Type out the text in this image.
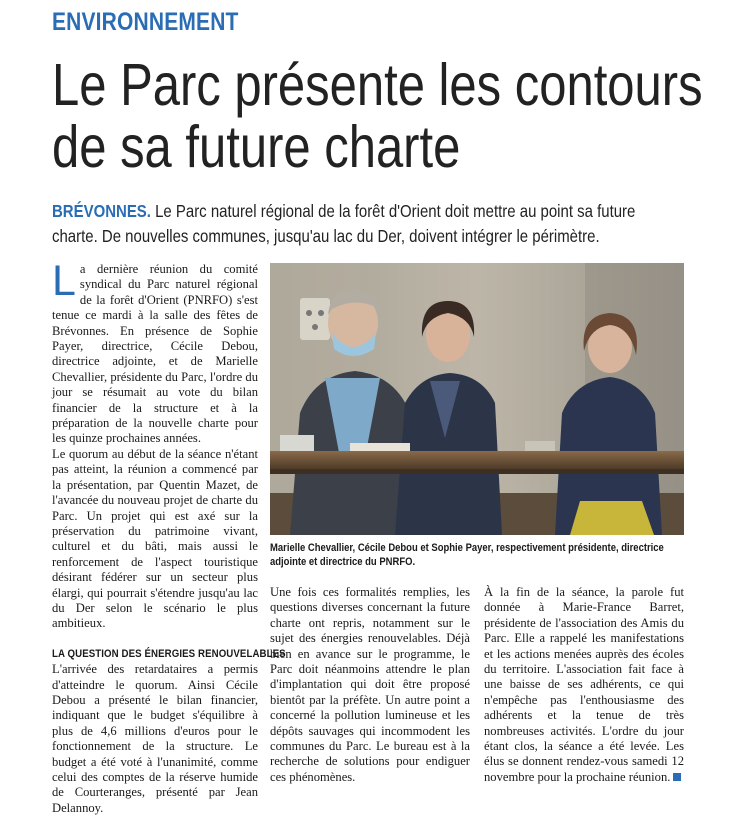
ENVIRONNEMENT
Le Parc présente les contours
de sa future charte
BRÉVONNES. Le Parc naturel régional de la forêt d'Orient doit mettre au point sa future charte. De nouvelles communes, jusqu'au lac du Der, doivent intégrer le périmètre.

La dernière réunion du comité syndical du Parc naturel régional de la forêt d'Orient (PNRFO) s'est tenue ce mardi à la salle des fêtes de Brévonnes. En présence de Sophie Payer, directrice, Cécile Debou, directrice adjointe, et de Marielle Chevallier, présidente du Parc, l'ordre du jour se résumait au vote du bilan financier de la structure et à la préparation de la nouvelle charte pour les quinze prochaines années.

Le quorum au début de la séance n'étant pas atteint, la réunion a commencé par la présentation, par Quentin Mazet, de l'avancée du nouveau projet de charte du Parc. Un projet qui est axé sur la préservation du patrimoine vivant, culturel et du bâti, mais aussi le renforcement de l'aspect touristique désirant fédérer sur un secteur plus élargi, qui pourrait s'étendre jusqu'au lac du Der selon le scénario le plus ambitieux.

LA QUESTION DES ÉNERGIES RENOUVELABLES

L'arrivée des retardataires a permis d'atteindre le quorum. Ainsi Cécile Debou a présenté le bilan financier, indiquant que le budget s'équilibre à plus de 4,6 millions d'euros pour le fonctionnement de la structure. Le budget a été voté à l'unanimité, comme celui des comptes de la réserve humide de Courteranges, présenté par Jean Delannoy.

Marielle Chevallier, Cécile Debou et Sophie Payer, respectivement présidente, directrice adjointe et directrice du PNRFO.

Une fois ces formalités remplies, les questions diverses concernant la future charte ont repris, notamment sur le sujet des énergies renouvelables. Déjà bien en avance sur le programme, le Parc doit néanmoins attendre le plan d'implantation qui doit être proposé bientôt par la préfète. Un autre point a concerné la pollution lumineuse et les dépôts sauvages qui incommodent les communes du Parc. Le bureau est à la recherche de solutions pour endiguer ces phénomènes.

À la fin de la séance, la parole fut donnée à Marie-France Barret, présidente de l'association des Amis du Parc. Elle a rappelé les manifestations et les actions menées auprès des écoles du territoire. L'association fait face à une baisse de ses adhérents, ce qui n'empêche pas l'enthousiasme des adhérents et la tenue de très nombreuses activités. L'ordre du jour étant clos, la séance a été levée. Les élus se donnent rendez-vous samedi 12 novembre pour la prochaine réunion.
